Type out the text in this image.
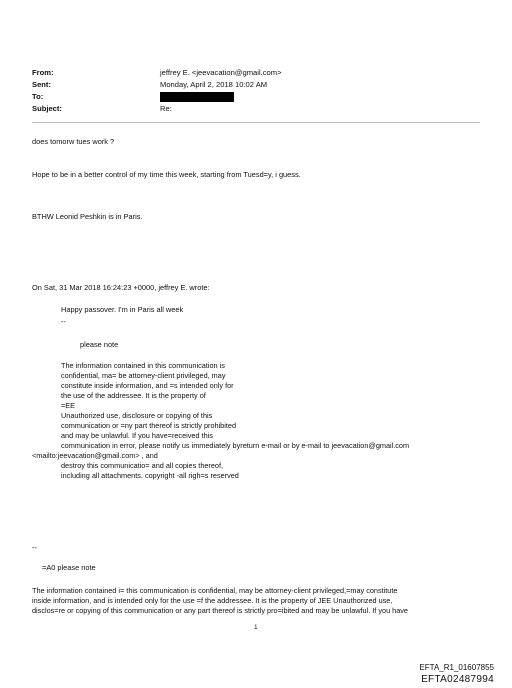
From:	jeffrey E. <jeevacation@gmail.com>
Sent:	Monday, April 2, 2018 10:02 AM
To:
Subject:	Re:
does tomorw tues work ?
Hope to be in a better control of my time this week, starting from Tuesd=y, i guess.
BTHW Leonid Peshkin is in Paris.
On Sat, 31 Mar 2018 16:24:23 +0000, jeffrey E. wrote:
Happy passover. I'm in Paris all week
--
please note
The information contained in this communication is
confidential, ma= be attorney-client privileged, may
constitute inside information, and =s intended only for
the use of the addressee. It is the property of
=EE
Unauthorized use, disclosure or copying of this
communication or =ny part thereof is strictly prohibited
and may be unlawful. If you have=received this
communication in error, please notify us immediately byreturn e-mail or by e-mail to jeevacation@gmail.com
<mailto:jeevacation@gmail.com> , and
destroy this communicatio= and all copies thereof,
including all attachments. copyright -all righ=s reserved
--
=A0 please note
The information contained i= this communication is confidential, may be attorney-client privileged,=may constitute
inside information, and is intended only for the use =f the addressee. It is the property of JEE Unauthorized use,
disclos=re or copying of this communication or any part thereof is strictly pro=ibited and may be unlawful. If you have
1
EFTA_R1_01607855
EFTA02487994
